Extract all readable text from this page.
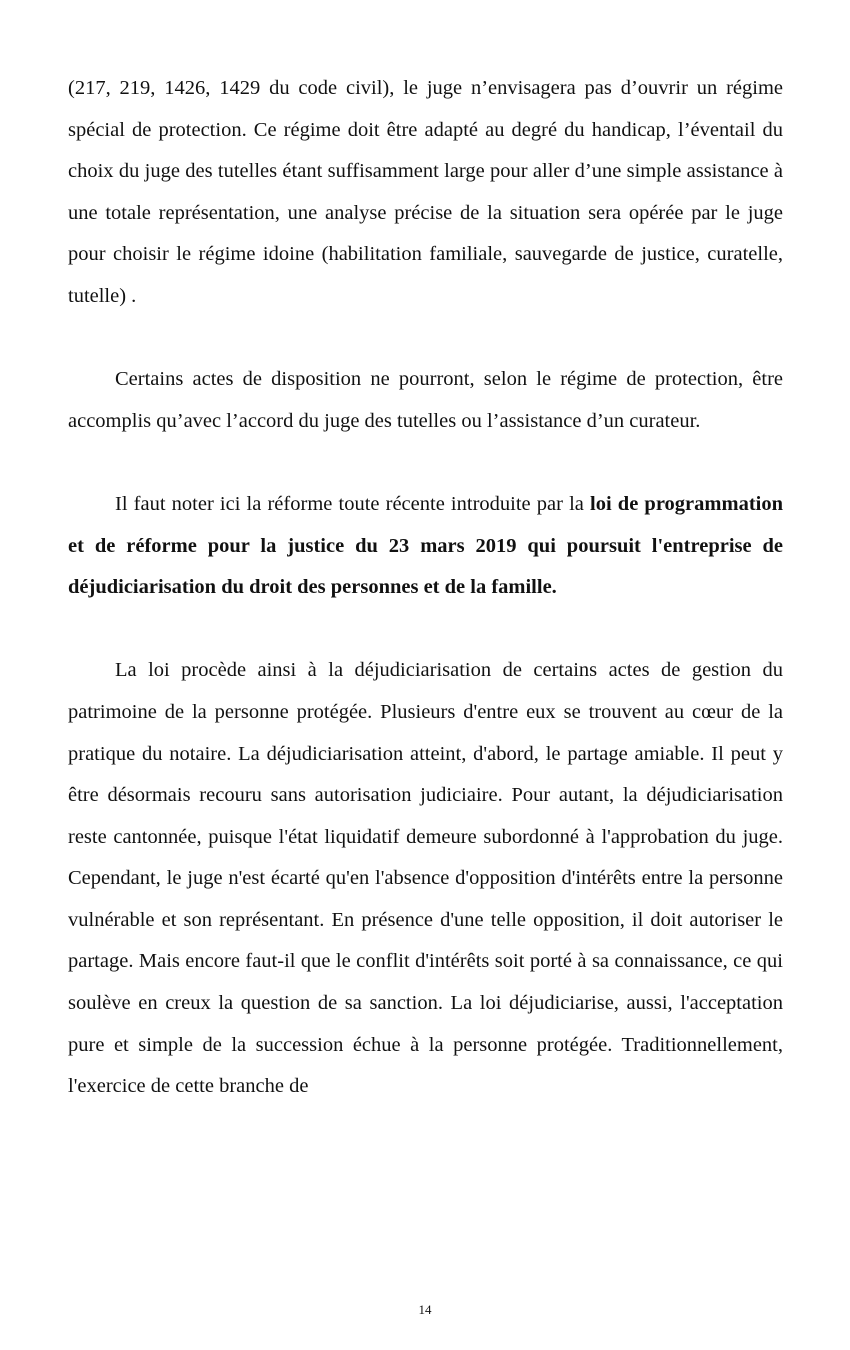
(217, 219, 1426, 1429 du code civil), le juge n’envisagera pas d’ouvrir un régime spécial de protection. Ce régime doit être adapté au degré du handicap, l’éventail du choix du juge des tutelles étant suffisamment large pour aller d’une simple assistance à une totale représentation, une analyse précise de la situation sera opérée par le juge pour choisir le régime idoine (habilitation familiale, sauvegarde de justice, curatelle, tutelle) .

Certains actes de disposition ne pourront, selon le régime de protection, être accomplis qu’avec l’accord du juge des tutelles ou l’assistance d’un curateur.

Il faut noter ici la réforme toute récente introduite par la loi de programmation et de réforme pour la justice du 23 mars 2019 qui poursuit l'entreprise de déjudiciarisation du droit des personnes et de la famille.

La loi procède ainsi à la déjudiciarisation de certains actes de gestion du patrimoine de la personne protégée. Plusieurs d'entre eux se trouvent au cœur de la pratique du notaire. La déjudiciarisation atteint, d'abord, le partage amiable. Il peut y être désormais recouru sans autorisation judiciaire. Pour autant, la déjudiciarisation reste cantonnée, puisque l'état liquidatif demeure subordonné à l'approbation du juge. Cependant, le juge n'est écarté qu'en l'absence d'opposition d'intérêts entre la personne vulnérable et son représentant. En présence d'une telle opposition, il doit autoriser le partage. Mais encore faut-il que le conflit d'intérêts soit porté à sa connaissance, ce qui soulève en creux la question de sa sanction. La loi déjudiciarise, aussi, l'acceptation pure et simple de la succession échue à la personne protégée. Traditionnellement, l'exercice de cette branche de

14
